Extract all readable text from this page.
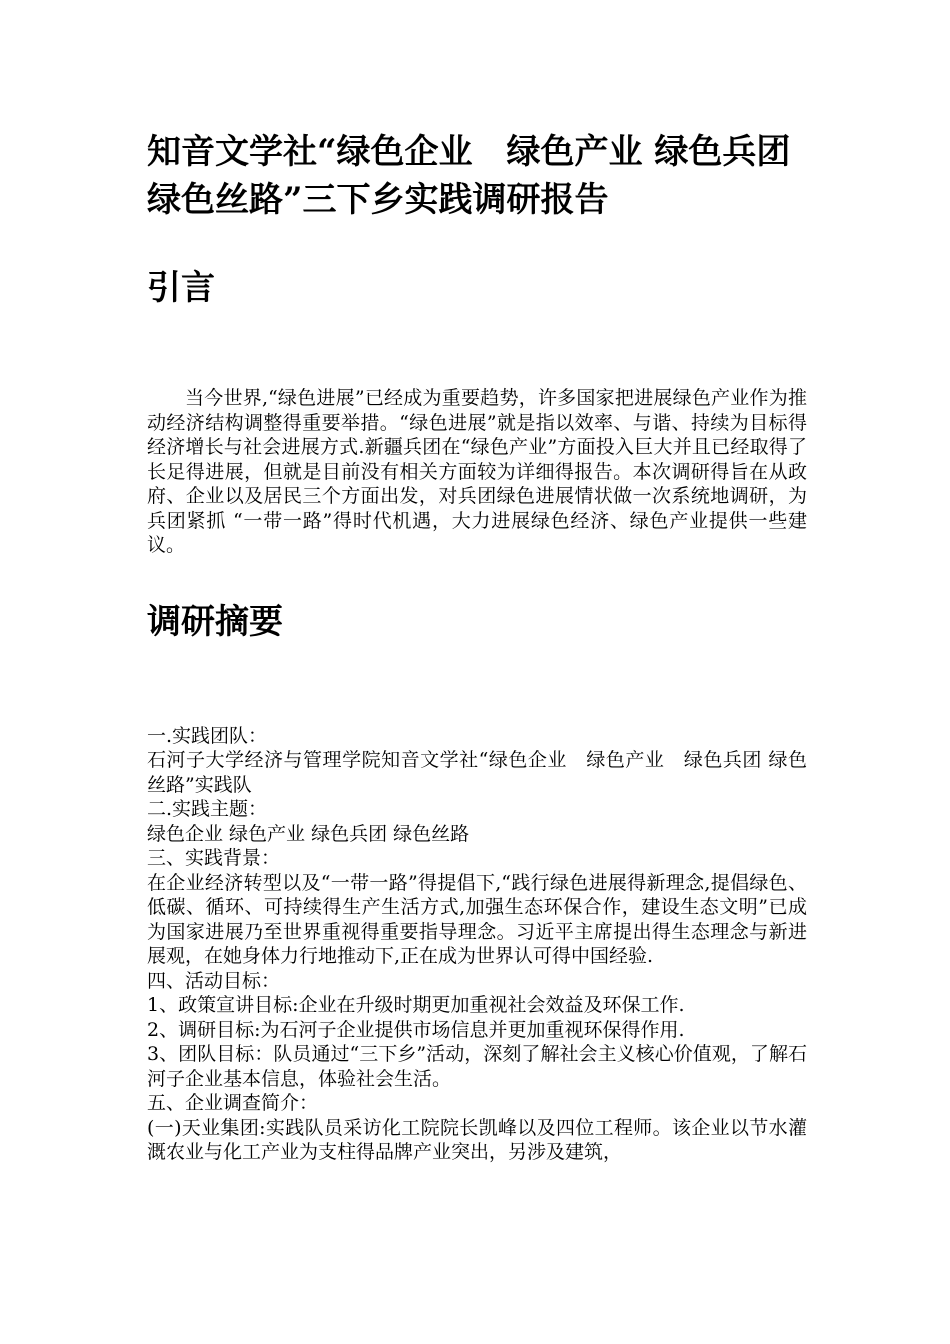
知音文学社“绿色企业　绿色产业 绿色兵团 绿色丝路”三下乡实践调研报告
引言

当今世界,“绿色进展”已经成为重要趋势，许多国家把进展绿色产业作为推动经济结构调整得重要举措。“绿色进展”就是指以效率、与谐、持续为目标得经济增长与社会进展方式.新疆兵团在“绿色产业”方面投入巨大并且已经取得了长足得进展，但就是目前没有相关方面较为详细得报告。本次调研得旨在从政府、企业以及居民三个方面出发，对兵团绿色进展情状做一次系统地调研，为兵团紧抓 “一带一路”得时代机遇，大力进展绿色经济、绿色产业提供一些建议。

调研摘要

一.实践团队：

石河子大学经济与管理学院知音文学社“绿色企业　绿色产业　绿色兵团 绿色丝路”实践队

二.实践主题：

绿色企业 绿色产业 绿色兵团 绿色丝路

三、实践背景：

在企业经济转型以及“一带一路”得提倡下,“践行绿色进展得新理念,提倡绿色、低碳、循环、可持续得生产生活方式,加强生态环保合作，建设生态文明”已成为国家进展乃至世界重视得重要指导理念。习近平主席提出得生态理念与新进展观，在她身体力行地推动下,正在成为世界认可得中国经验.

四、活动目标：

1、政策宣讲目标:企业在升级时期更加重视社会效益及环保工作.

2、调研目标:为石河子企业提供市场信息并更加重视环保得作用.

3、团队目标：队员通过“三下乡”活动，深刻了解社会主义核心价值观，了解石河子企业基本信息，体验社会生活。

五、企业调查简介：

(一)天业集团:实践队员采访化工院院长凯峰以及四位工程师。该企业以节水灌溉农业与化工产业为支柱得品牌产业突出，另涉及建筑，
